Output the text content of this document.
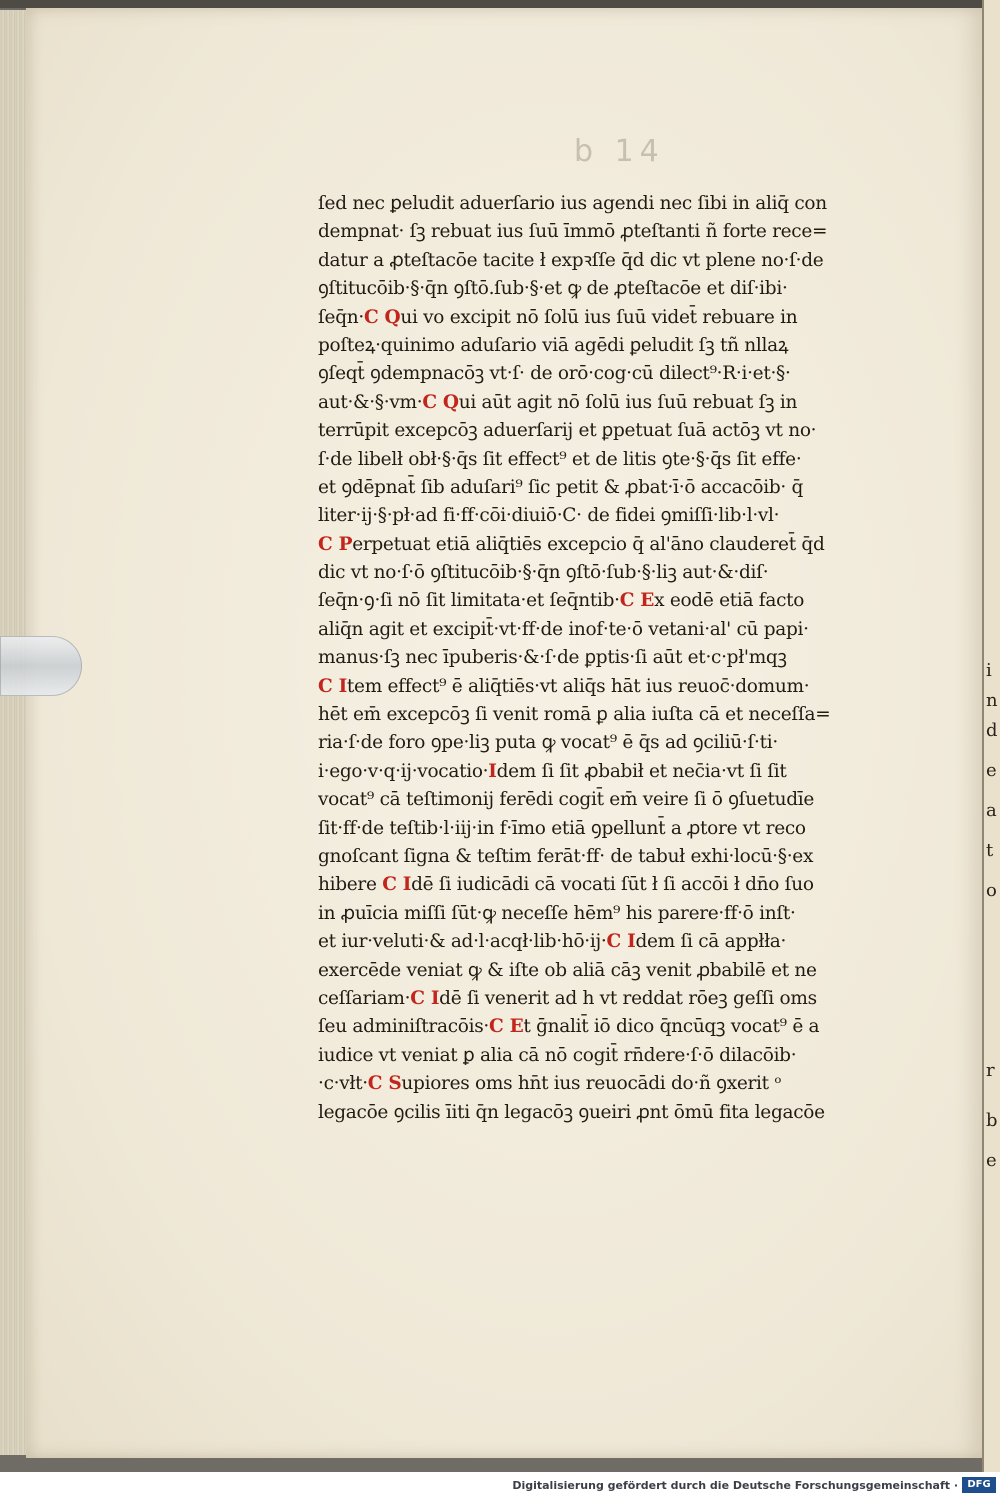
b 14
i
n
d
e
a
t
o
r
b
e
ſed nec ꝑeludit aduerſario ius agendi nec ſibi in aliq̄ con
dempnat· ſꝫ rebuat ius ſuū īmmō ꝓteſtanti ñ forte rece=
datur a ꝓteſtacōe tacite ł expꝛſſe q̄d dic vt plene no·ſ·de
ꝯſtitucōib·§·q̄n ꝯſtō.ſub·§·et ꝙ de ꝓteſtacōe et diſ·ibi·
ſeq̄n·C Qui vo excipit nō ſolū ius ſuū videt̄ rebuare in
poſteꝝ·quinimo aduſario viā agēdi ꝑeludit ſꝫ tñ nllaꝝ
ꝯſeqt̄ ꝯdempnacōꝫ vt·ſ· de orō·cog·cū dilect⁹·R·i·et·§·
aut·&·§·vm·C Qui aūt agit nō ſolū ius ſuū rebuat ſꝫ in
terrūpit excepcōꝫ aduerſarij et ꝑpetuat ſuā actōꝫ vt no·
ſ·de libelł obł·§·q̄s ſit effect⁹ et de litis ꝯte·§·q̄s ſit effe·
et ꝯdēpnat̄ ſib aduſari⁹ ſic petit & ꝓbat·ī·ō accacōib· q̄
liter·ij·§·pł·ad fi·ff·cōi·diuiō·C· de fidei ꝯmiſſi·lib·l·vl·
C Perpetuat etiā aliq̄tiēs excepcio q̄ al'āno clauderet̄ q̄d
dic vt no·ſ·ō ꝯſtitucōib·§·q̄n ꝯſtō·ſub·§·liꝫ aut·&·diſ·
ſeq̄n·ꝯ·ſi nō ſit limitata·et ſeq̄ntib·C Ex eodē etiā facto
aliq̄n agit et excipit̄·vt·ff·de inof·te·ō vetani·al' cū papi·
manus·ſꝫ nec īpuberis·&·ſ·de ꝑptis·ſi aūt et·c·pł'mqꝫ
C Item effect⁹ ē aliq̄tiēs·vt aliq̄s hāt ius reuoc̄·domum·
hēt em̄ excepcōꝫ ſi venit romā ꝑ alia iuſta cā et neceſſa=
ria·ſ·de foro ꝯpe·liꝫ puta ꝙ vocat⁹ ē q̄s ad ꝯciliū·ſ·ti·
i·ego·v·q·ij·vocatio·Idem ſi ſit ꝓbabił et nec̄ia·vt ſi ſit
vocat⁹ cā teſtimonij ferēdi cogit̄ em̄ veire ſi ō ꝯſuetudīe
ſit·ff·de teſtib·l·iij·in f·īmo etiā ꝯpellunt̄ a ꝓtore vt reco
gnoſcant ſigna & teſtim ferāt·ff· de tabuł exhi·locū·§·ex
hibere C Idē ſi iudicādi cā vocati ſūt ł ſi accōi ł dn̄o ſuo
in ꝓuīcia miſſi ſūt·ꝙ neceſſe hēm⁹ his parere·ff·ō inſt·
et iur·veluti·& ad·l·acqł·lib·hō·ij·C Idem ſi cā appłła·
exercēde veniat ꝙ & iſte ob aliā cāꝫ venit ꝓbabilē et ne
ceſſariam·C Idē ſi venerit ad h vt reddat rōeꝫ geſſi oms
ſeu adminiſtracōis·C Et ḡnalit̄ iō dico q̄ncūqꝫ vocat⁹ ē a
iudice vt veniat ꝑ alia cā nō cogit̄ rn̄dere·ſ·ō dilacōib·
·c·vłt·C Supiores oms hn̄t ius reuocādi do·ñ ꝯxerit ᵒ
legacōe ꝯcilis īiti q̄n legacōꝫ ꝯueiri ꝓnt ōmū fita legacōe
Digitalisierung gefördert durch die Deutsche Forschungsgemeinschaft · DFG
